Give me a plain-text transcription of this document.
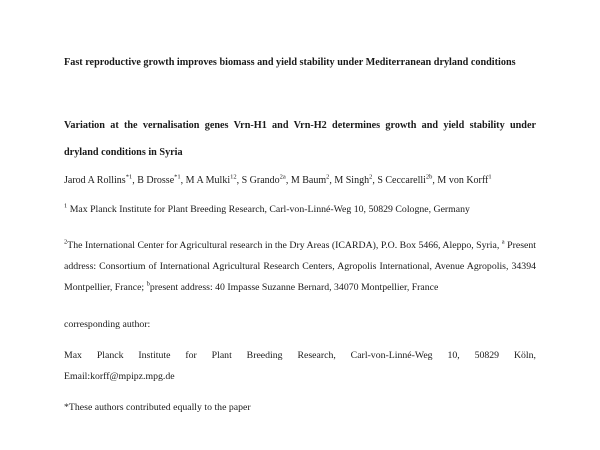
Fast reproductive growth improves biomass and yield stability under Mediterranean dryland conditions
Variation at the vernalisation genes Vrn-H1 and Vrn-H2 determines growth and yield stability under dryland conditions in Syria
Jarod A Rollins$^{*1}$, B Drosse$^{*1}$, M A Mulki$^{12}$, S Grando$^{2a}$, M Baum$^2$, M Singh$^2$, S Ceccarelli$^{2b}$, M von Korff$^1$
$^1$ Max Planck Institute for Plant Breeding Research, Carl-von-Linné-Weg 10, 50829 Cologne, Germany
$^2$The International Center for Agricultural research in the Dry Areas (ICARDA), P.O. Box 5466, Aleppo, Syria, $^a$ Present address: Consortium of International Agricultural Research Centers, Agropolis International, Avenue Agropolis, 34394 Montpellier, France; $^b$present address: 40 Impasse Suzanne Bernard, 34070 Montpellier, France
corresponding author:
Max Planck Institute for Plant Breeding Research, Carl-von-Linné-Weg 10, 50829 Köln,
Email:korff@mpipz.mpg.de
*These authors contributed equally to the paper
